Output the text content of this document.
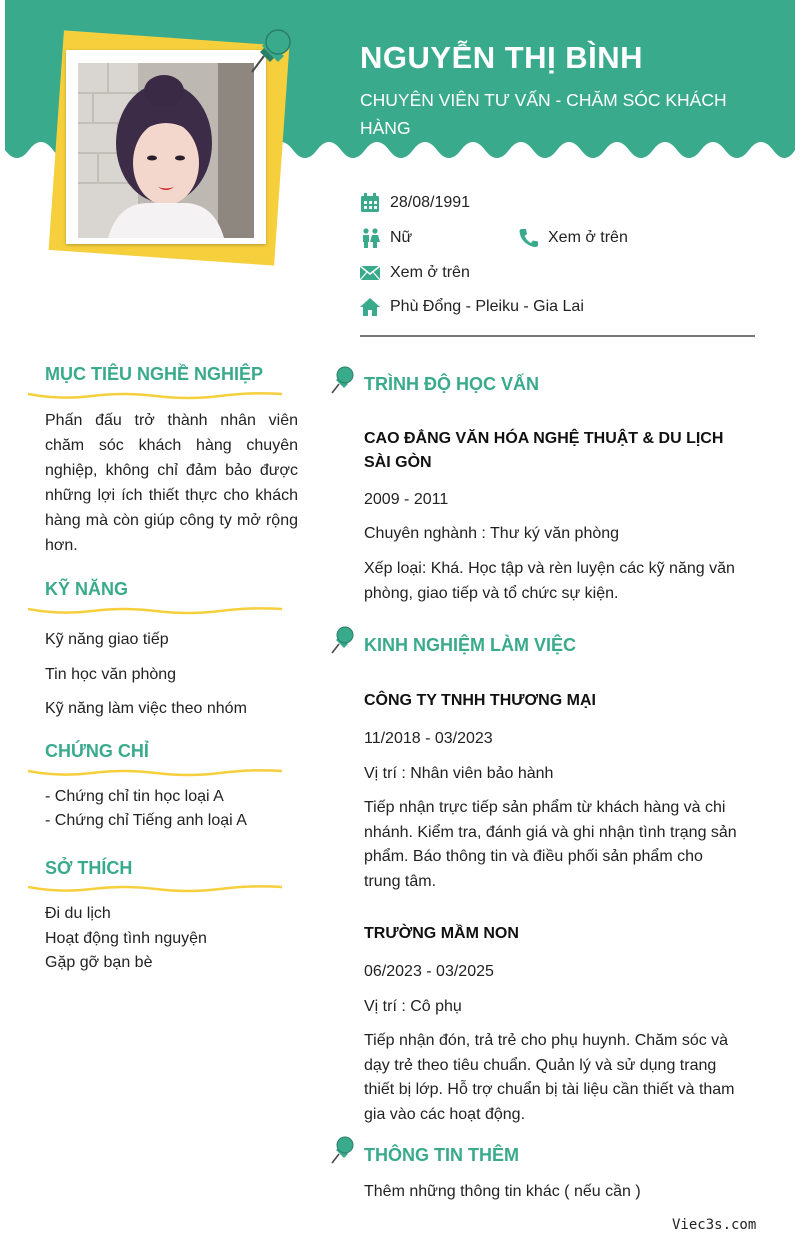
NGUYỄN THỊ BÌNH
CHUYÊN VIÊN TƯ VẤN - CHĂM SÓC KHÁCH HÀNG
28/08/1991
Nữ	Xem ở trên
Xem ở trên
Phù Đổng - Pleiku - Gia Lai
MỤC TIÊU NGHỀ NGHIỆP
Phấn đấu trở thành nhân viên chăm sóc khách hàng chuyên nghiệp, không chỉ đảm bảo được những lợi ích thiết thực cho khách hàng mà còn giúp công ty mở rộng hơn.
KỸ NĂNG
Kỹ năng giao tiếp
Tin học văn phòng
Kỹ năng làm việc theo nhóm
CHỨNG CHỈ
- Chứng chỉ tin học loại A
- Chứng chỉ Tiếng anh loại A
SỞ THÍCH
Đi du lịch
Hoạt động tình nguyện
Gặp gỡ bạn bè
TRÌNH ĐỘ HỌC VẤN
CAO ĐẲNG VĂN HÓA NGHỆ THUẬT & DU LỊCH SÀI GÒN
2009 - 2011
Chuyên nghành : Thư ký văn phòng
Xếp loại: Khá. Học tập và rèn luyện các kỹ năng văn phòng, giao tiếp và tổ chức sự kiện.
KINH NGHIỆM LÀM VIỆC
CÔNG TY TNHH THƯƠNG MẠI
11/2018 - 03/2023
Vị trí : Nhân viên bảo hành
Tiếp nhận trực tiếp sản phẩm từ khách hàng và chi nhánh. Kiểm tra, đánh giá và ghi nhận tình trạng sản phẩm. Báo thông tin và điều phối sản phẩm cho trung tâm.
TRƯỜNG MẦM NON
06/2023 - 03/2025
Vị trí : Cô phụ
Tiếp nhận đón, trả trẻ cho phụ huynh. Chăm sóc và dạy trẻ theo tiêu chuẩn. Quản lý và sử dụng trang thiết bị lớp. Hỗ trợ chuẩn bị tài liệu cần thiết và tham gia vào các hoạt động.
THÔNG TIN THÊM
Thêm những thông tin khác ( nếu cần )
Viec3s.com
